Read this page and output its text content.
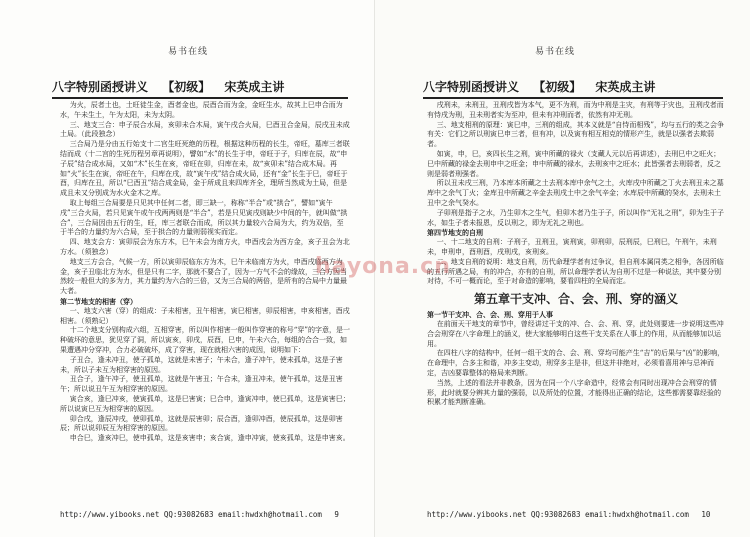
易书在线
八字特别函授讲义 【初级】 宋英成主讲

为火，辰者土也，土旺徒生金，酉者金也，辰酉合而为金，金旺生水，故其上巳申合而为水，午未生土，午为太阳，未为太阴。

三、地支三合：申子辰合水局，亥卯未合木局，寅午戌合火局，巳酉丑合金局，辰戌丑未成土局。（此段独念）

三合局乃是分由五行始支十二宫生旺死绝的历程，根据这种历程的长生，帝旺，墓库三者联结而成（十二宫的生死历程另章再说明），譬如“水”的长生于申，帝旺于子，归库在辰，故“申子辰”结合成水局，又如“木”长生在亥，帝旺在卯，归库在未，故“亥卯未”结合成木局。再如“火”长生在寅，帝旺在午，归库在戌，故“寅午戌”结合成火局，还有“金”长生于巳，帝旺于酉，归库在丑，所以“巳酉丑”结合成金局，金于所成且来四库齐全，理所当然成为土局，但是成且未又分别成为水火金木之库。

取上每组三合局要是只见其中任何二者，即三缺一，称称“半合”或“拱合”，譬如“寅午戌”三合火局，若只见寅午或午戌两两则是“半合”，若是只见寅戌则缺少中间的午，就叫做“拱合”，三合局因由五行的生，旺，库三者联合而成，所以其力量较六合局为大，约为双倍，至于半合的力量约为六合局，至于拱合的力量则弱视实而定。

四、地支会方：寅卯辰会为东方木，巳午未会为南方火，申酉戌会为西方金，亥子丑会为北方水。（须独念）

地支三方会合，气候一方，所以寅卯辰临东方为木，巳午未临南方为火，申酉戌临西方为金，亥子丑临北方为水，但是只有二字，那就不要合了，因为一方气不会的缘故，三合方因当然较一般但大的多为力，其力量约为六合的三倍，又为三合局的两倍，是所有的合局中力量最大者。

第二节地支的相害（穿）

一、地支六害（穿）的组成：子未相害，丑午相害，寅巳相害，卯辰相害，申亥相害，酉戌相害。（须熟记）

十二个地支分别构成六组，互相穿害，所以叫作相害一般叫作穿害的称号“穿”的字意，是一种破坏的意思，犹见穿了洞，所以寅亥，卯戌，辰酉，巳申，午未六合，每组的合合一致，如果遭遇冲分穿冲，合力必破破坏，成了穿害，现在就相六害的成因，说明如下：

子丑合，逢未冲丑，使子孤单，这就是未害子；午未合，逢子冲午，使未孤单，这是子害未，所以子未互为相穿害的原因。

丑合子，逢午冲子，使丑孤单，这就是午害丑；午合未，逢丑冲未，使午孤单，这是丑害午；所以说丑午互为相穿害的原因。

寅合亥，逢巳冲亥，使寅孤单，这是巳害寅；巳合申，逢寅冲申，使巳孤单，这是寅害巳；所以说寅巳互为相穿害的原因。

卯合戌，逢辰冲戌，使卯孤单，这就是辰害卯；辰合酉，逢卯冲酉，使辰孤单，这是卯害辰；所以说卯辰互为相穿害的原因。

申合巳，逢亥冲巳，使申孤单，这是亥害申；亥合寅，逢申冲寅，使亥孤单，这是申害亥。

http://www.yibooks.net QQ:93082683 email:hwdxh@hotmail.com 9
易书在线
八字特别函授讲义 【初级】 宋英成主讲

戌刑未，未刑丑，丑刑戌皆为本气，更不为刑，而为中刑是主灾，有刑等于灾也，丑刑戌者而有恃戌为刑，丑未刑者实为至冲，但未有冲刑而者，依然有冲无刑。

三、地支相刑的原理：寅巳申，三刑的组成，其本义就是“自恃而相残”，均与五行的类之会争有关：它们之所以刑寅巳申三者，但有冲，以及寅有相互相克的情形产生，就是以强者去欺弱者。

如寅，申，巳，亥四长生之刑，寅中所藏的禄火（支藏人元以后再讲述），去刑巳中之旺火；巳中所藏的禄金去刑申中之旺金；申中所藏的禄水，去刑亥中之旺水；此皆强者去刑弱者，反之则是弱者刑强者。

所以丑未戌三刑，乃本库本所藏之土去刑本库中余气之土，火库戌中所藏之丁火去刑丑未之墓库中之余气丁火；金库丑中所藏之辛金去刑戌土中之余气辛金；水库辰中所藏的癸水，去刑未土丑中之余气癸水。

子卯刑是指子之水，乃生卯木之生气，但卯木者乃生于子，所以叫作“无礼之刑”，卯为生于子水，如生子者未报恩，反以刑之，即为无礼之刑也。

第四节地支的自刑

一、十二地支的自刑：子刑子，丑刑丑，寅刑寅，卯刑卯，辰刑辰，巳刑巳，午刑午，未刑未，申刑申，酉刑酉，戌刑戌，亥刑亥。

二、地支自刑的说明：地支自刑，历代命理学者有过争议，但自刑本属同类之相争，各因所临的五行所遇之局，有的冲合，亦有的自刑，所以命理学者认为自刑不过是一种说法，其中要分别对待，不可一概而论，至于对命造的影响，要看四柱的全局而定。

第五章干支冲、合、会、刑、穿的涵义

第一节干支冲、合、会、刑、穿用于人事

在前面天干地支的章节中，曾经讲过干支的冲、合、会、刑、穿，此处则要进一步说明这些冲合会刑穿在八字命理上的涵义，使大家能够明白这些干支关系在人事上的作用，从而能够加以运用。

在四柱八字的结构中，任何一组干支的合、会、刑、穿均可能产生“吉”的后果与“凶”的影响，在命理中，合多主和谐，冲多主变动，刑穿多主是非，但这并非绝对，必须看喜用神与忌神而定，吉凶要靠整体的格局来判断。

当然，上述的看法并非教条，因为在同一个八字命造中，经常会有同时出现冲合会刑穿的情形，此时就要分辨其力量的强弱，以及所处的位置，才能得出正确的结论，这些都需要靠经验的积累才能判断准确。

http://www.yibooks.net QQ:93082683 email:hwdxh@hotmail.com 10
hayona.cn
